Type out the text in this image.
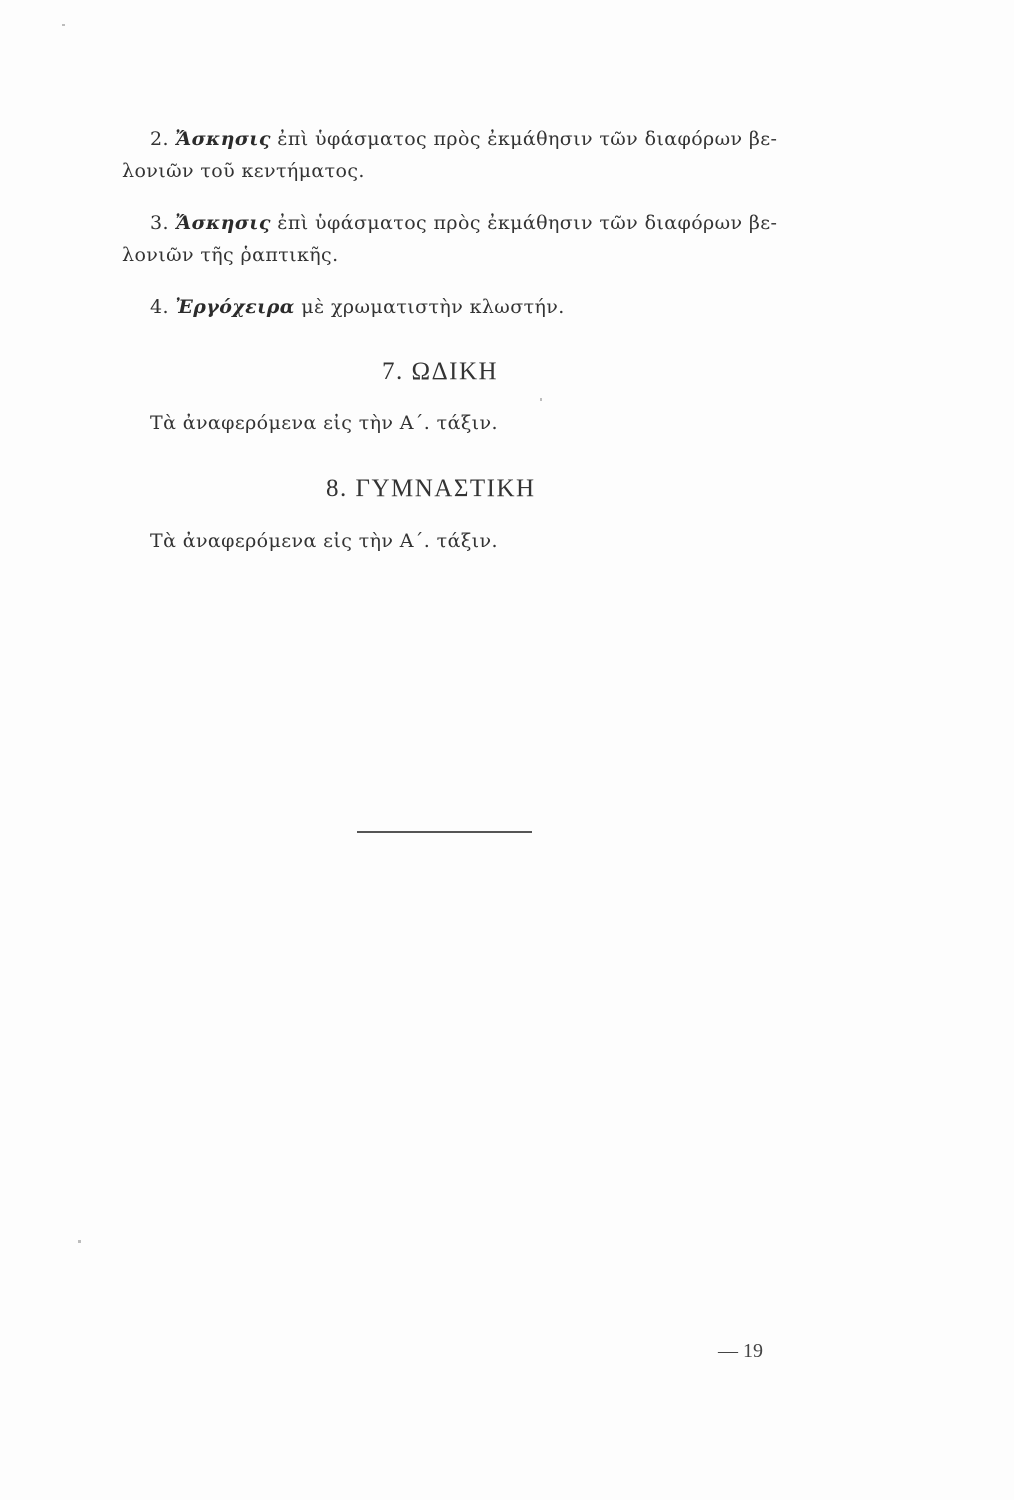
2. Ἄσκησις ἐπὶ ὑφάσματος πρὸς ἐκμάθησιν τῶν διαφόρων βε-
λονιῶν τοῦ κεντήματος.
3. Ἄσκησις ἐπὶ ὑφάσματος πρὸς ἐκμάθησιν τῶν διαφόρων βε-
λονιῶν τῆς ῥαπτικῆς.
4. Ἐργόχειρα μὲ χρωματιστὴν κλωστήν.
7. ΩΔΙΚΗ
Τὰ ἀναφερόμενα εἰς τὴν Α΄. τάξιν.
8. ΓΥΜΝΑΣΤΙΚΗ
Τὰ ἀναφερόμενα εἰς τὴν Α΄. τάξιν.
— 19
